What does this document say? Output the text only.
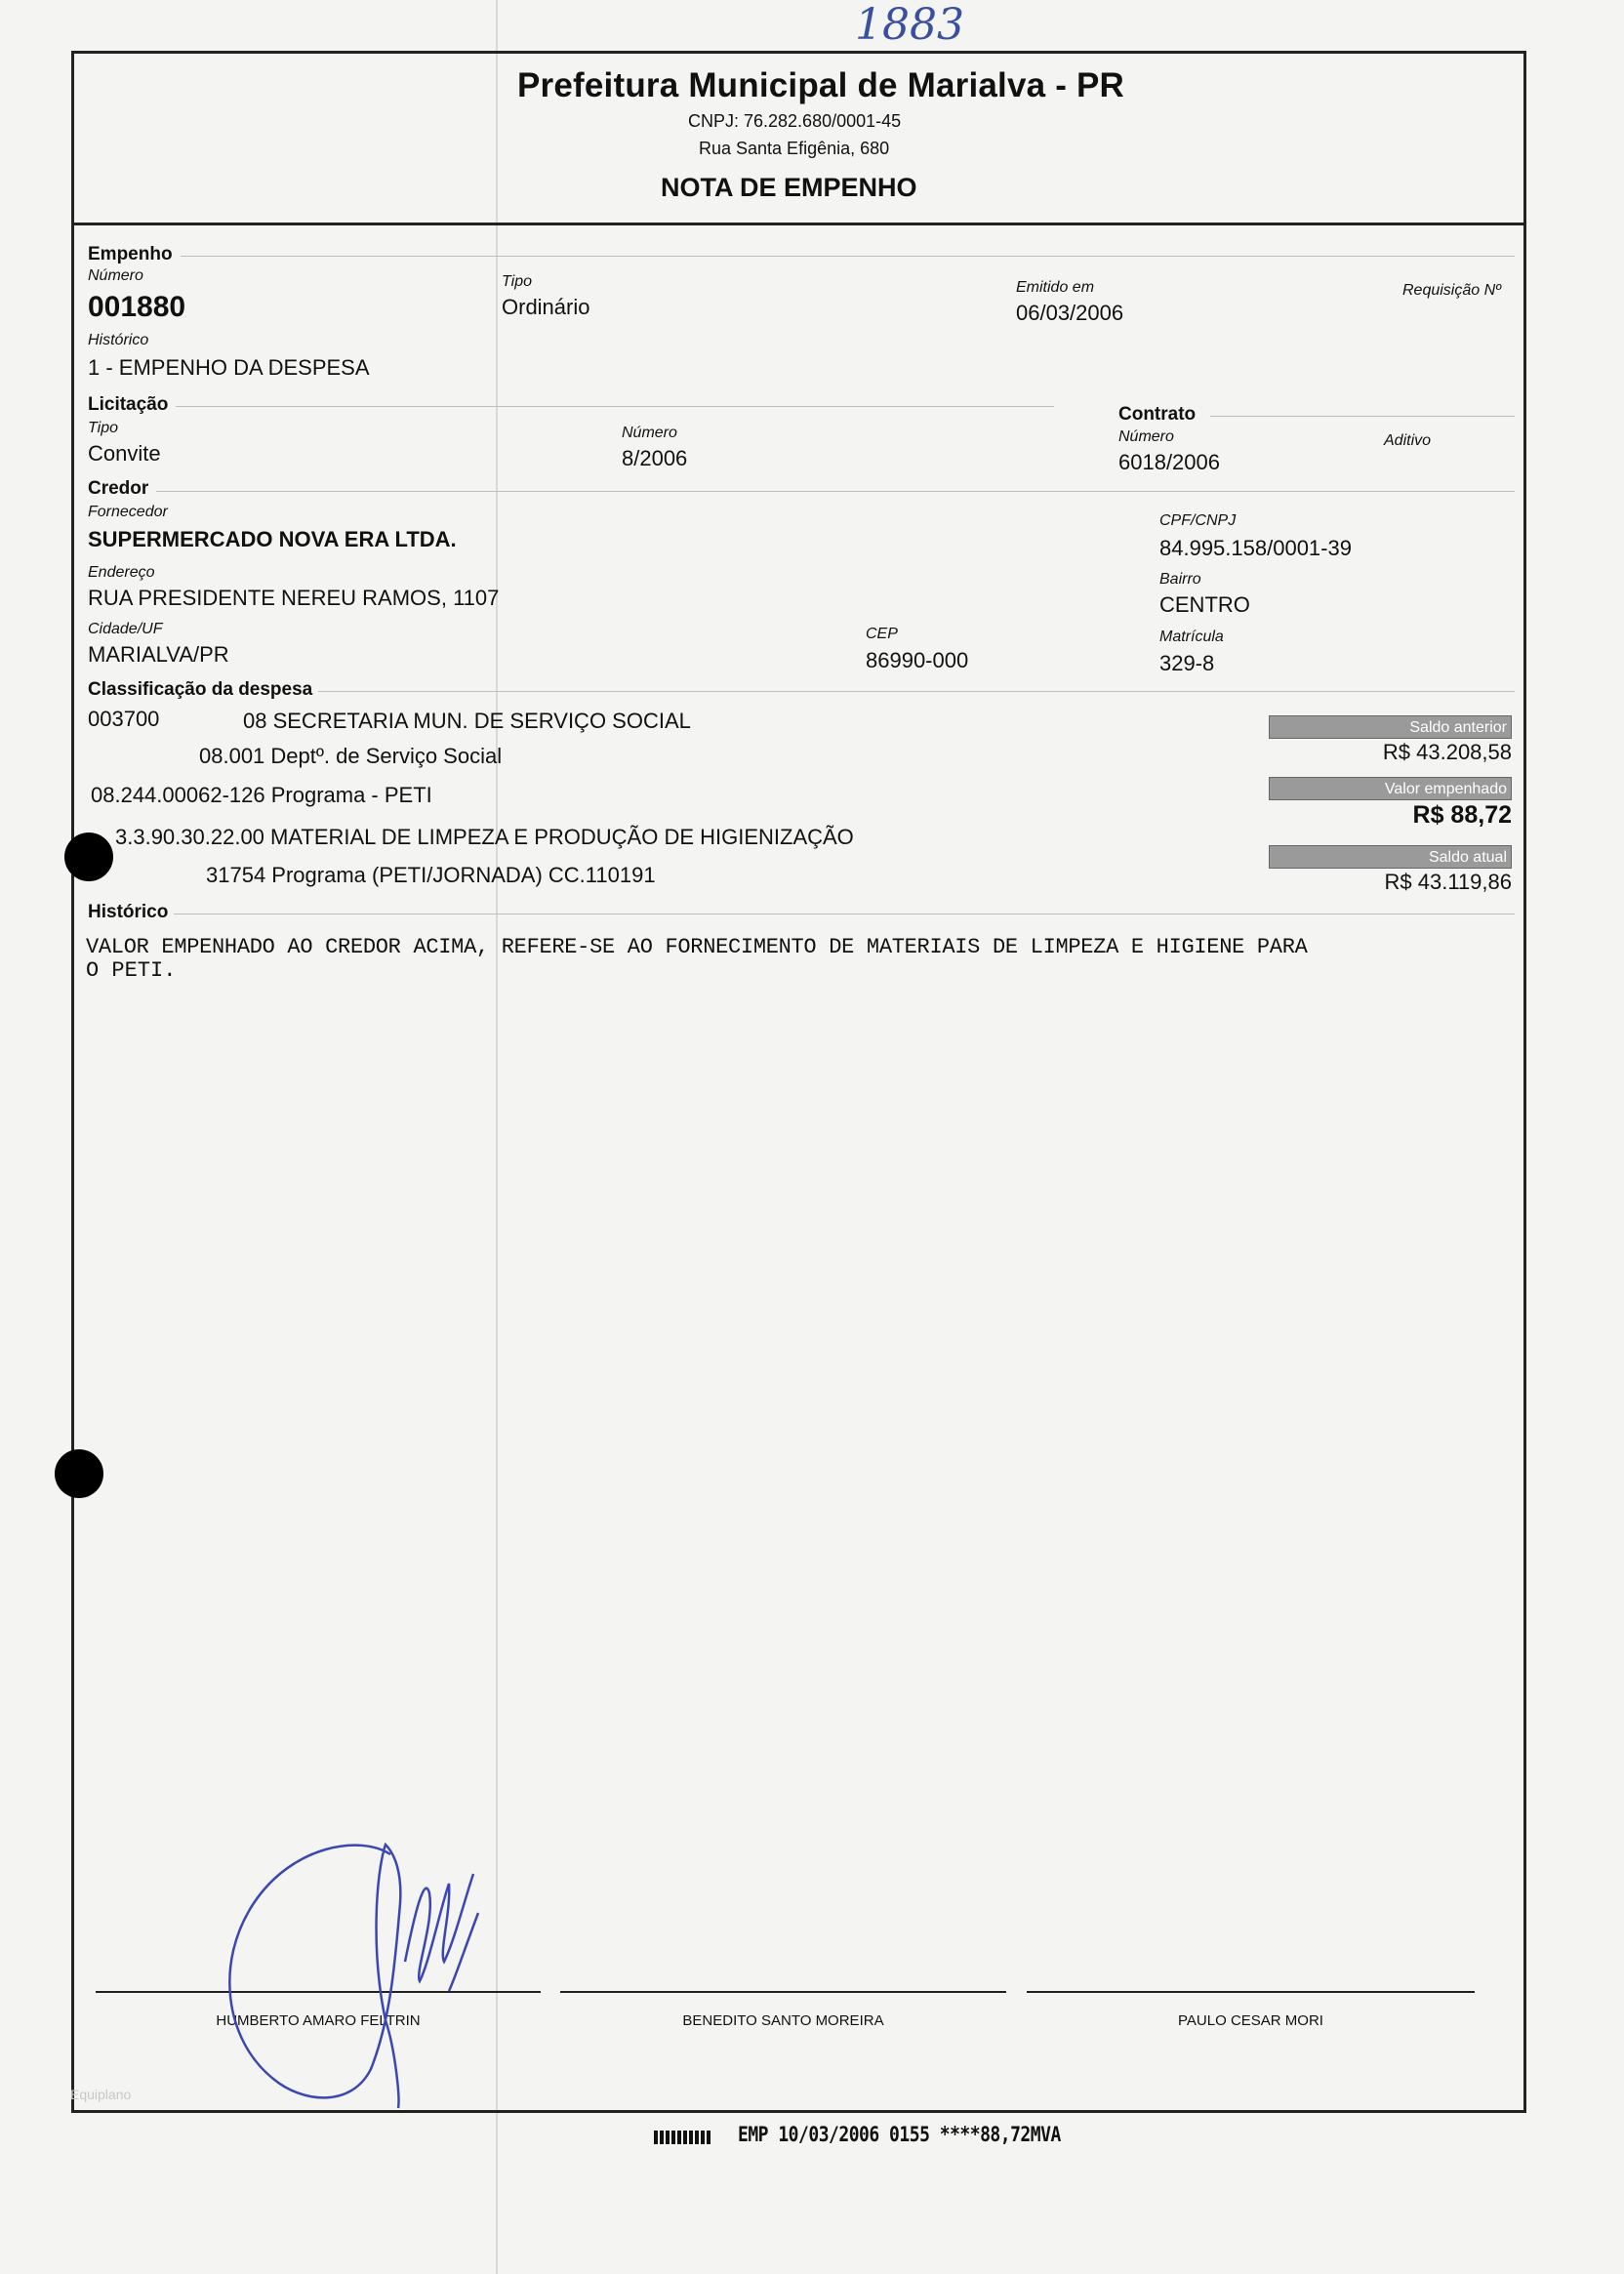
1883
Prefeitura Municipal de Marialva - PR
CNPJ: 76.282.680/0001-45
Rua Santa Efigênia, 680
NOTA DE EMPENHO
Empenho
Número
001880
Tipo
Ordinário
Emitido em
06/03/2006
Requisição Nº
Histórico
1 - EMPENHO DA DESPESA
Licitação
Tipo
Convite
Número
8/2006
Contrato
Número
6018/2006
Aditivo
Credor
Fornecedor
SUPERMERCADO NOVA ERA LTDA.
CPF/CNPJ
84.995.158/0001-39
Endereço
RUA PRESIDENTE NEREU RAMOS, 1107
Bairro
CENTRO
Cidade/UF
MARIALVA/PR
CEP
86990-000
Matrícula
329-8
Classificação da despesa
003700	08 SECRETARIA MUN. DE SERVIÇO SOCIAL
08.001 Deptº. de Serviço Social
08.244.00062-126 Programa - PETI
3.3.90.30.22.00 MATERIAL DE LIMPEZA E PRODUÇÃO DE HIGIENIZAÇÃO
31754 Programa (PETI/JORNADA) CC.110191
Saldo anterior
R$ 43.208,58
Valor empenhado
R$ 88,72
Saldo atual
R$ 43.119,86
Histórico
VALOR EMPENHADO AO CREDOR ACIMA, REFERE-SE AO FORNECIMENTO DE MATERIAIS DE LIMPEZA E HIGIENE PARA
O PETI.
HUMBERTO AMARO FELTRIN	BENEDITO SANTO MOREIRA	PAULO CESAR MORI
Equiplano
EMP 10/03/2006 0155 ****88,72MVA
